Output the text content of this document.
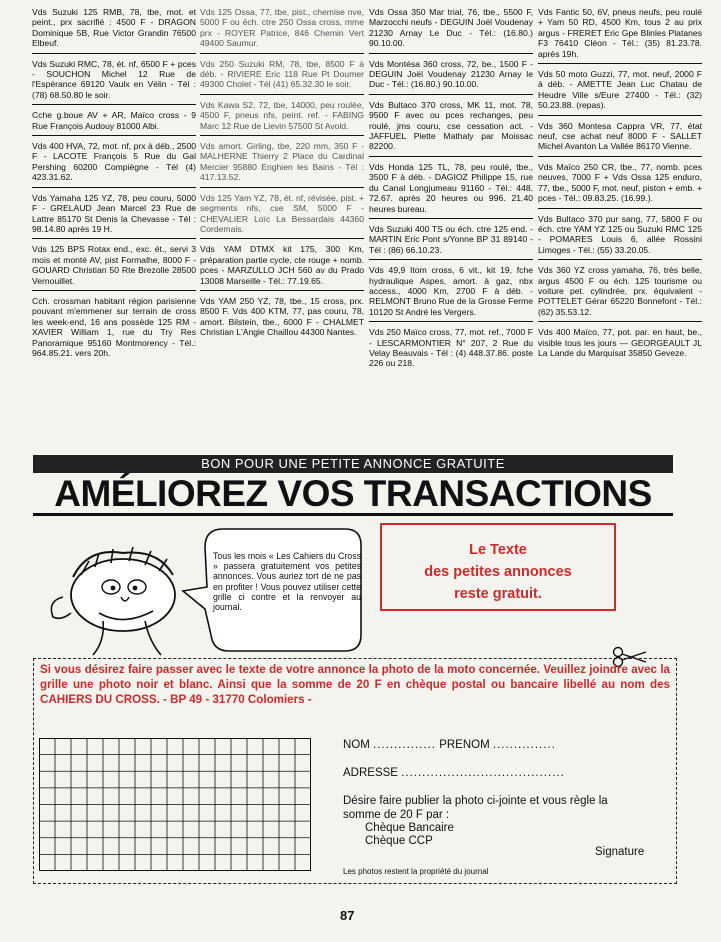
Vds Suzuki 125 RMB, 78, tbe, mot. et peint., prx sacrifié : 4500 F - DRAGON Dominique 5B, Rue Victor Grandin 76500 Elbeuf.
Vds Suzuki RMC, 78, ét. nf, 6500 F + pces - SOUCHON Michel 12 Rue de l'Espérance 69120 Vaulx en Vélin - Tél : (78) 68.50.80 le soir.
Cche g.boue AV + AR, Maïco cross - 9 Rue François Audouy 81000 Albi.
Vds 400 HVA, 72, mot. nf, prx à déb., 2500 F - LACOTE François 5 Rue du Gal Pershing 60200 Compiègne - Tél (4) 423.31.62.
Vds Yamaha 125 YZ, 78, peu couru, 5000 F - GRELAUD Jean Marcel 23 Rue de Lattre 85170 St Denis la Chevasse - Tél : 98.14.80 après 19 H.
Vds 125 BPS Rotax end., exc. ét., servi 3 mois et monté AV, pist Formalhe, 8000 F - GOUARD Christian 50 Rte Brezolle 28500 Vernouillet.
Cch. crossman habitant région parisienne pouvant m'emmener sur terrain de cross les week-end, 16 ans possède 125 RM - XAVIER William 1, rue du Try Res Panoramique 95160 Montmorency - Tél.: 964.85.21. vers 20h.
Vds 125 Ossa, 77, tbe, pist., chemise nve, 5000 F ou éch. ctre 250 Ossa cross, mme prx - ROYER Patrice, 846 Chemin Vert 49400 Saumur.
Vds 250 Suzuki RM, 78, tbe, 8500 F à déb. - RIVIERE Eric 118 Rue Pt Doumer 49300 Cholet - Tél (41) 65.32.30 le soir.
Vds Kawa S2, 72, tbe, 14000, peu roulée, 4500 F, pneus nfs, peint. ref. - FABING Marc 12 Rue de Lievin 57500 St Avold.
Vds amort. Girling, tbe, 220 mm, 350 F - MALHERNE Thierry 2 Place du Cardinal Mercier 95880 Enghien les Bains - Tél : 417.13.52.
Vds 125 Yam YZ, 78, ét. nf, révisée, pist. + segments nfs, cse SM, 5000 F - CHEVALIER Loïc La Bessardais 44360 Cordemais.
Vds YAM DTMX kit 175, 300 Km, préparation partie cycle, cte rouge + nomb. pces - MARZULLO JCH 560 av du Prado 13008 Marseille - Tél.: 77.19.65.
Vds YAM 250 YZ, 78, tbe., 15 cross, prx. 8500 F. Vds 400 KTM, 77, pas couru, 78, amort. Bilstein, tbe., 6000 F - CHALMET Christian L'Angle Chaillou 44300 Nantes.
Vds Ossa 350 Mar trial, 76, tbe., 5500 F, Marzocchi neufs - DEGUIN Joël Voudenay 21230 Arnay Le Duc - Tél.: (16.80.) 90.10.00.
Vds Montésa 360 cross, 72, be., 1500 F - DEGUIN Joël Voudenay 21230 Arnay le Duc - Tél.: (16.80.) 90.10.00.
Vds Bultaco 370 cross, MK 11, mot. 78, 9500 F avec ou pces rechanges, peu roulé, jms couru, cse cessation act. - JAFFUEL Piette Mathaly par Moissac 82200.
Vds Honda 125 TL, 78, peu roulé, tbe., 3500 F à déb. - DAGIOZ Philippe 15, rue du Canal Longjumeau 91160 - Tél.: 448. 72.67. après 20 heures ou 996. 21.40 heures bureau.
Vds Suzuki 400 TS ou éch. ctre 125 end. - MARTIN Eric Pont s/Yonne BP 31 89140 - Tél : (86) 66.10.23.
Vds 49,9 Itom cross, 6 vit., kit 19, fche hydraulique Aspes, amort. à gaz, nbx access., 4000 Km, 2700 F à déb. - RELMONT Bruno Rue de la Grosse Ferme 10120 St André les Vergers.
Vds 250 Maïco cross, 77, mot. ref., 7000 F - LESCARMONTIER N° 207, 2 Rue du Velay Beauvais - Tél : (4) 448.37.86. poste 226 ou 218.
Vds Fantic 50, 6V, pneus neufs, peu roulé + Yam 50 RD, 4500 Km, tous 2 au prix argus - FRERET Eric Gpe Blinles Platanes F3 76410 Cléon - Tél.: (35) 81.23.78. après 19h.
Vds 50 moto Guzzi, 77, mot. neuf, 2000 F à déb. - AMETTE Jean Luc Chatau de Heudre Ville s/Eure 27400 - Tél.: (32) 50.23.88. (repas).
Vds 360 Montesa Cappra VR, 77, état neuf, cse achat neuf 8000 F - SALLET Michel Avanton La Vallée 86170 Vienne.
Vds Maïco 250 CR, tbe., 77, nomb. pces neuves, 7000 F + Vds Ossa 125 enduro, 77, tbe., 5000 F, mot. neuf, piston + emb. + pces - Tél.: 09.83.25. (16.99.).
Vds Bultaco 370 pur sang, 77, 5800 F ou éch. ctre YAM YZ 125 ou Suzuki RMC 125 - POMARES Louis 6, allée Rossini Limoges - Tél.: (55) 33.20.05.
Vds 360 YZ cross yamaha, 76, très belle, argus 4500 F ou éch. 125 tourisme ou voiture pet. cylindrée, prx. équivalent - POTTELET Gérar 65220 Bonnefont - Tél.: (62) 35.53.12.
Vds 400 Maïco, 77, pot. par. en haut, be., visible tous les jours — GEORGEAULT JL La Lande du Marquisat 35850 Geveze.
BON POUR UNE PETITE ANNONCE GRATUITE
AMÉLIOREZ VOS TRANSACTIONS
Tous les mois « Les Cahiers du Cross » passera gratuitement vos petites annonces. Vous auriez tort de ne pas en profiter ! Vous pouvez utiliser cette grille ci contre et la renvoyer au journal.
Le Texte
des petites annonces
reste gratuit.
Si vous désirez faire passer avec le texte de votre annonce la photo de la moto concernée. Veuillez joindre avec la grille une photo noir et blanc. Ainsi que la somme de 20 F en chèque postal ou bancaire libellé au nom des CAHIERS DU CROSS. - BP 49 - 31770 Colomiers -
NOM ............... PRENOM ...............
ADRESSE .......................................
Désire faire publier la photo ci-jointe et vous règle la somme de 20 F par :
Chèque Bancaire
Chèque CCP
Signature
Les photos restent la propriété du journal
87
